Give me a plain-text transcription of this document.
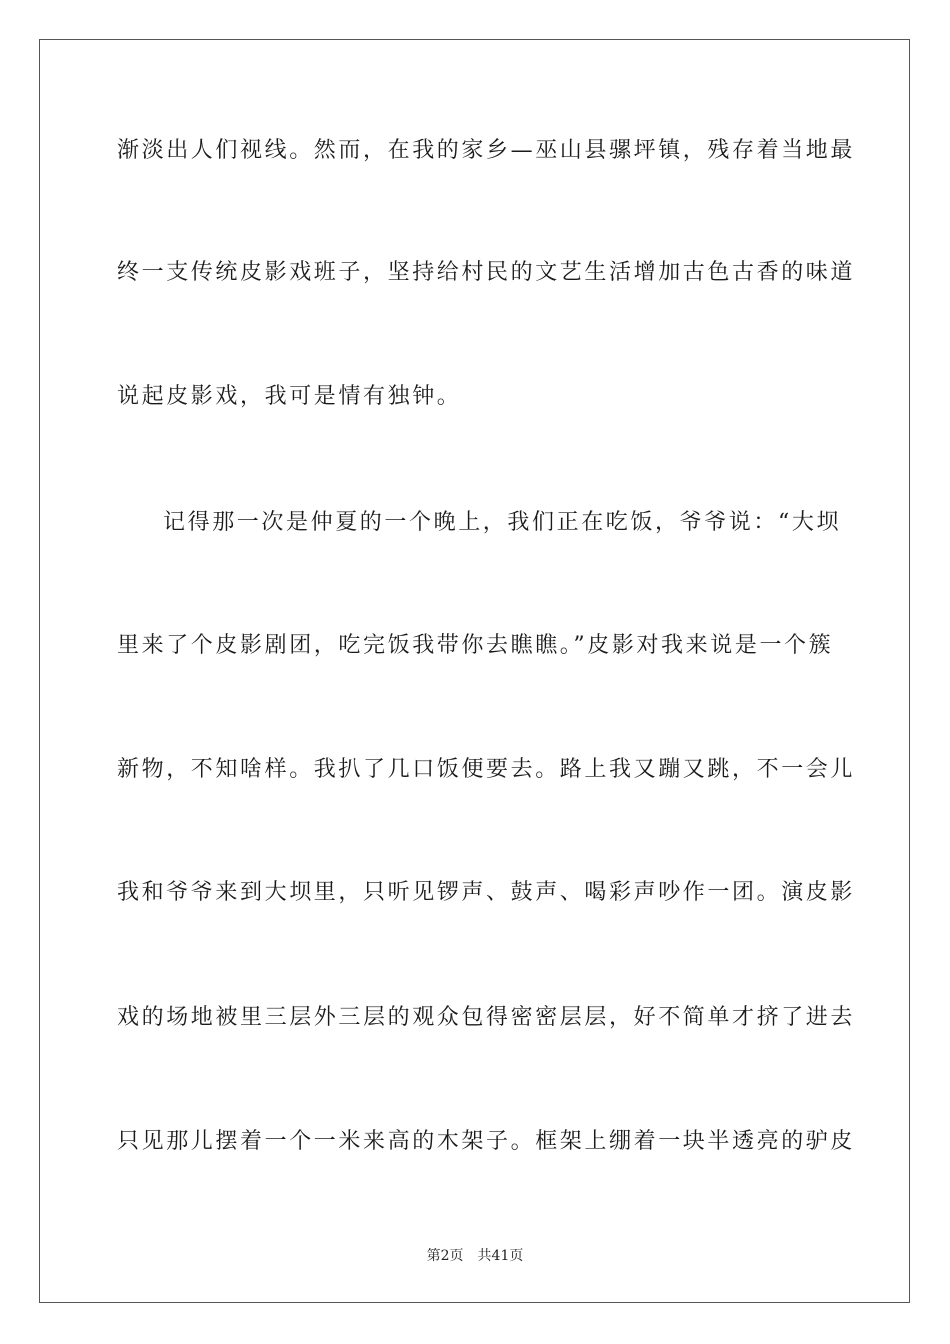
渐淡出人们视线。然而，在我的家乡—巫山县骡坪镇，残存着当地最
终一支传统皮影戏班子，坚持给村民的文艺生活增加古色古香的味道
说起皮影戏，我可是情有独钟。
记得那一次是仲夏的一个晚上，我们正在吃饭，爷爷说：“大坝
里来了个皮影剧团，吃完饭我带你去瞧瞧。”皮影对我来说是一个簇
新物，不知啥样。我扒了几口饭便要去。路上我又蹦又跳，不一会儿
我和爷爷来到大坝里，只听见锣声、鼓声、喝彩声吵作一团。演皮影
戏的场地被里三层外三层的观众包得密密层层，好不简单才挤了进去
只见那儿摆着一个一米来高的木架子。框架上绷着一块半透亮的驴皮
第2页 共41页
